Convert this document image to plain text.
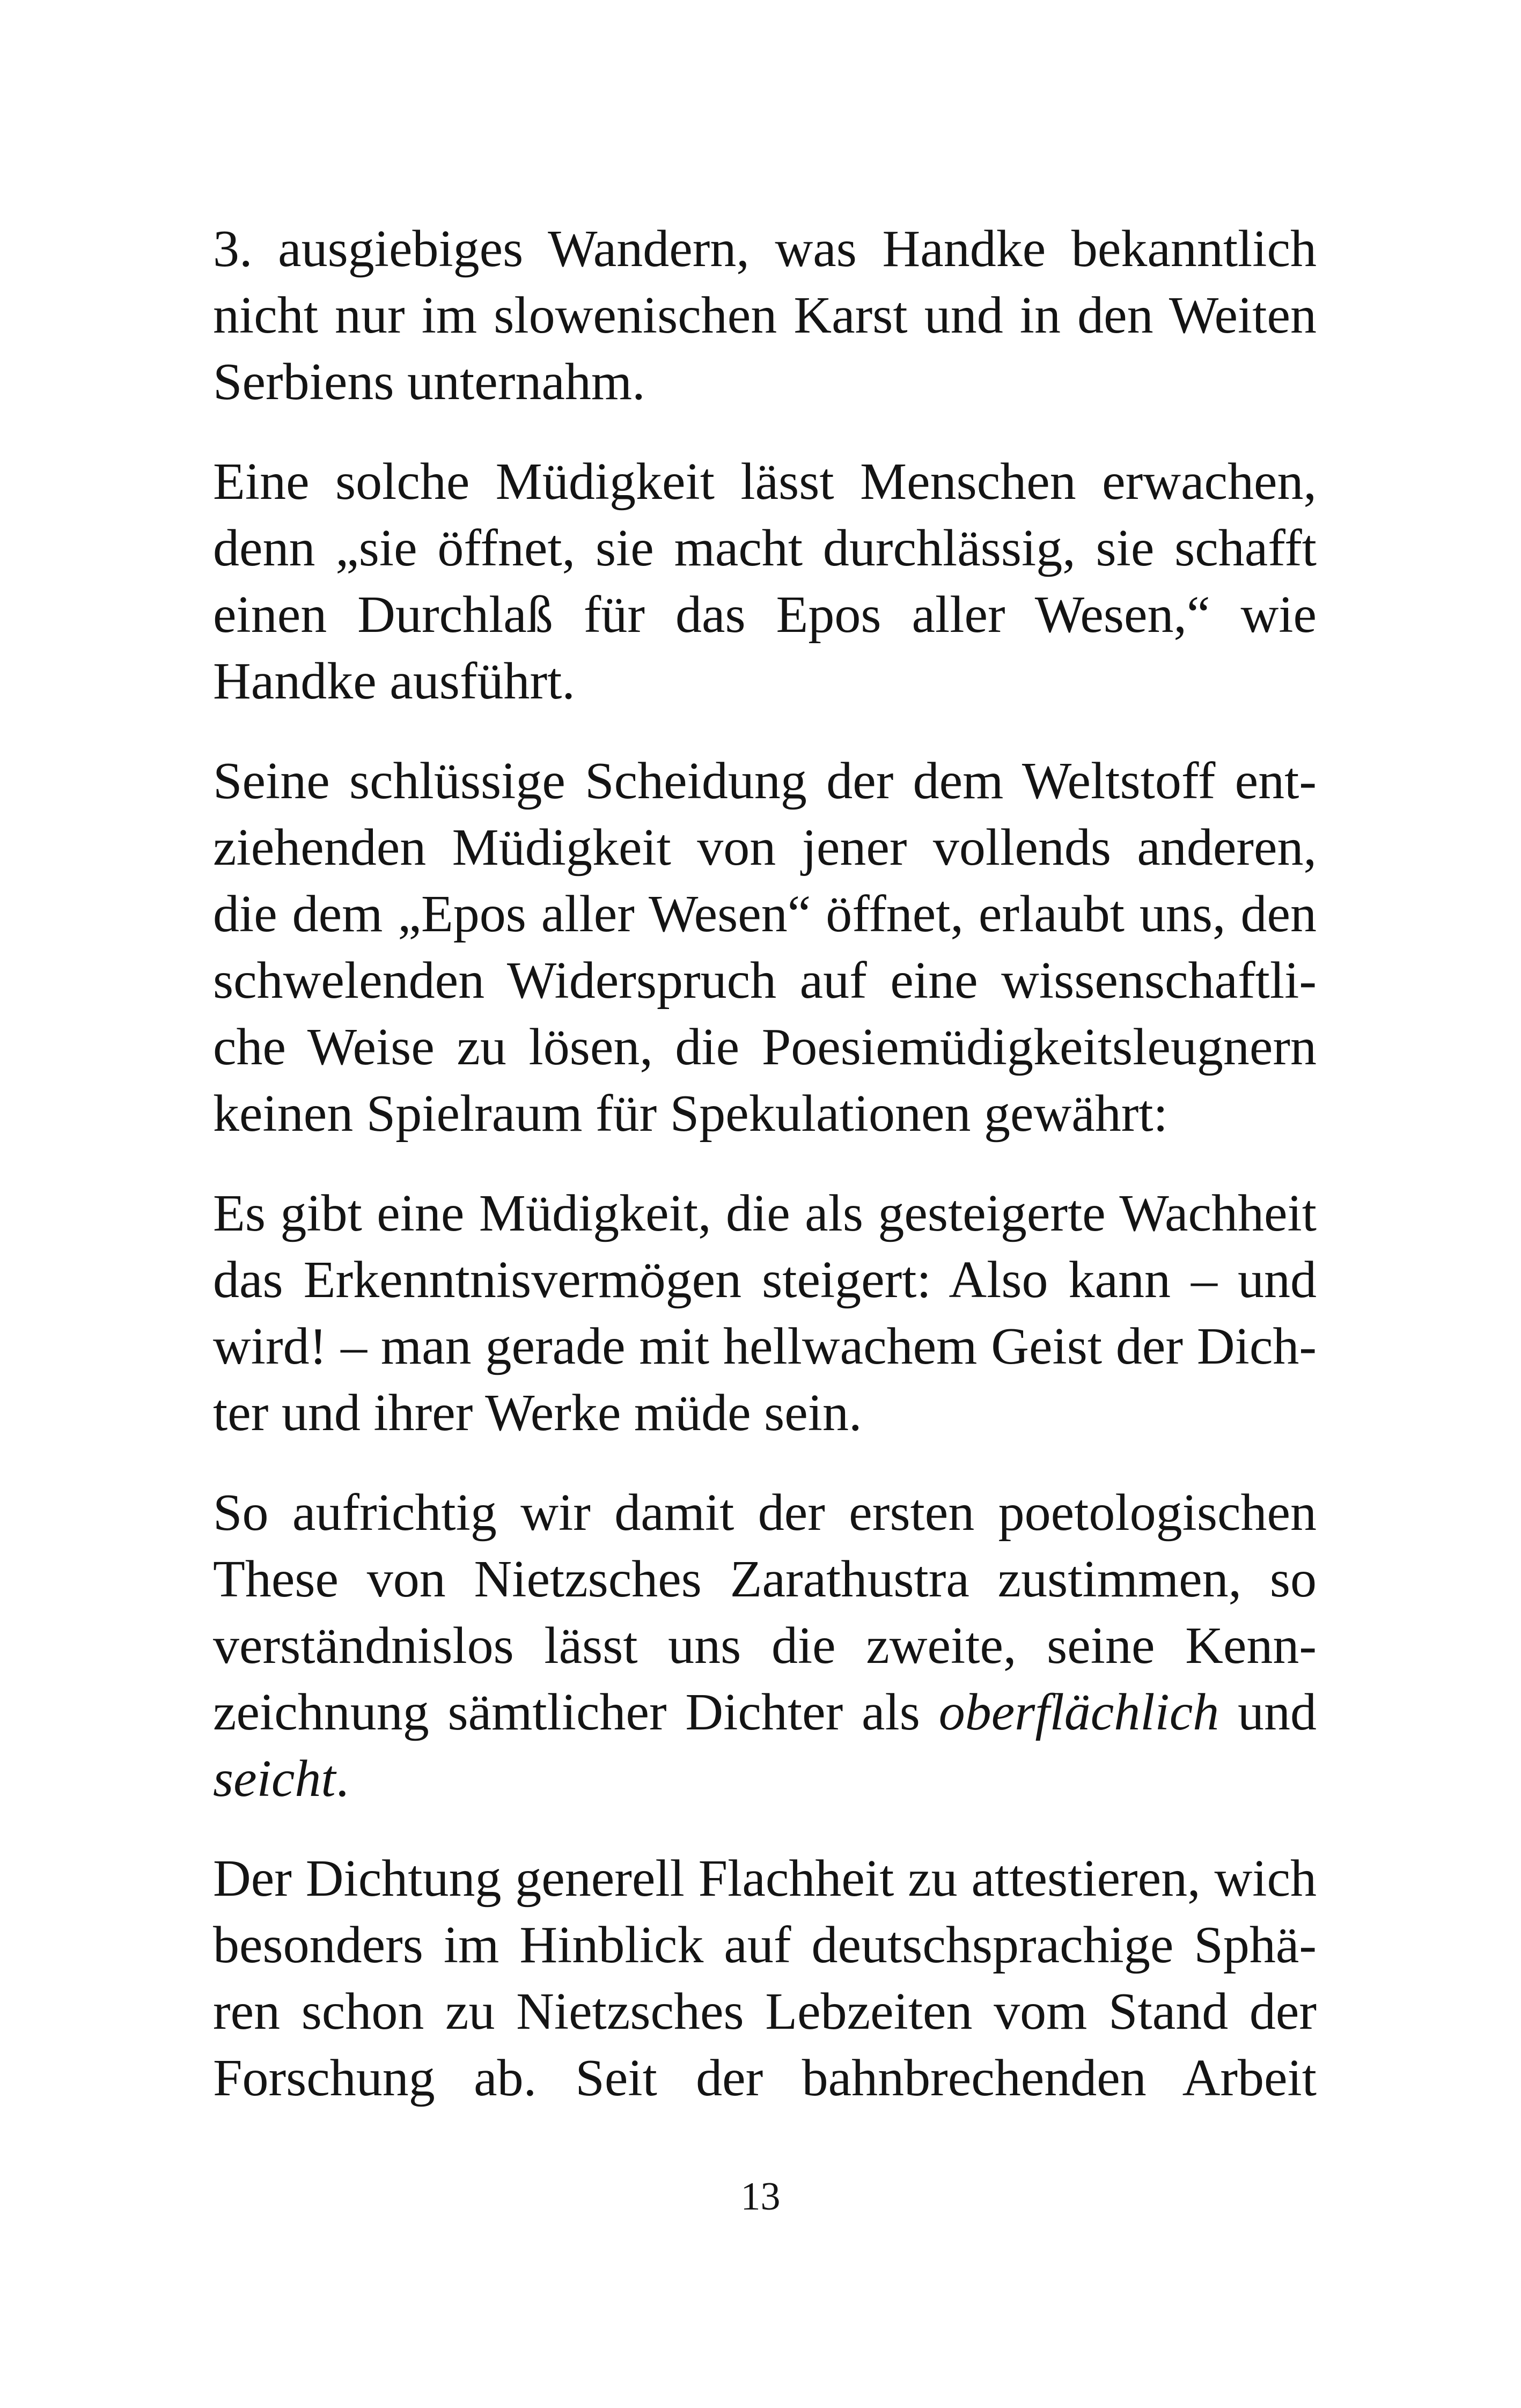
3. ausgiebiges Wandern, was Handke bekanntlich
nicht nur im slowenischen Karst und in den Weiten
Serbiens unternahm.

Eine solche Müdigkeit lässt Menschen erwachen,
denn „sie öffnet, sie macht durchlässig, sie schafft
einen Durchlaß für das Epos aller Wesen,“ wie
Handke ausführt.

Seine schlüssige Scheidung der dem Weltstoff ent-
ziehenden Müdigkeit von jener vollends anderen,
die dem „Epos aller Wesen“ öffnet, erlaubt uns, den
schwelenden Widerspruch auf eine wissenschaftli-
che Weise zu lösen, die Poesiemüdigkeitsleugnern
keinen Spielraum für Spekulationen gewährt:

Es gibt eine Müdigkeit, die als gesteigerte Wachheit
das Erkenntnisvermögen steigert: Also kann – und
wird! – man gerade mit hellwachem Geist der Dich-
ter und ihrer Werke müde sein.

So aufrichtig wir damit der ersten poetologischen
These von Nietzsches Zarathustra zustimmen, so
verständnislos lässt uns die zweite, seine Kenn-
zeichnung sämtlicher Dichter als oberflächlich und
seicht.

Der Dichtung generell Flachheit zu attestieren, wich
besonders im Hinblick auf deutschsprachige Sphä-
ren schon zu Nietzsches Lebzeiten vom Stand der
Forschung ab. Seit der bahnbrechenden Arbeit

13
